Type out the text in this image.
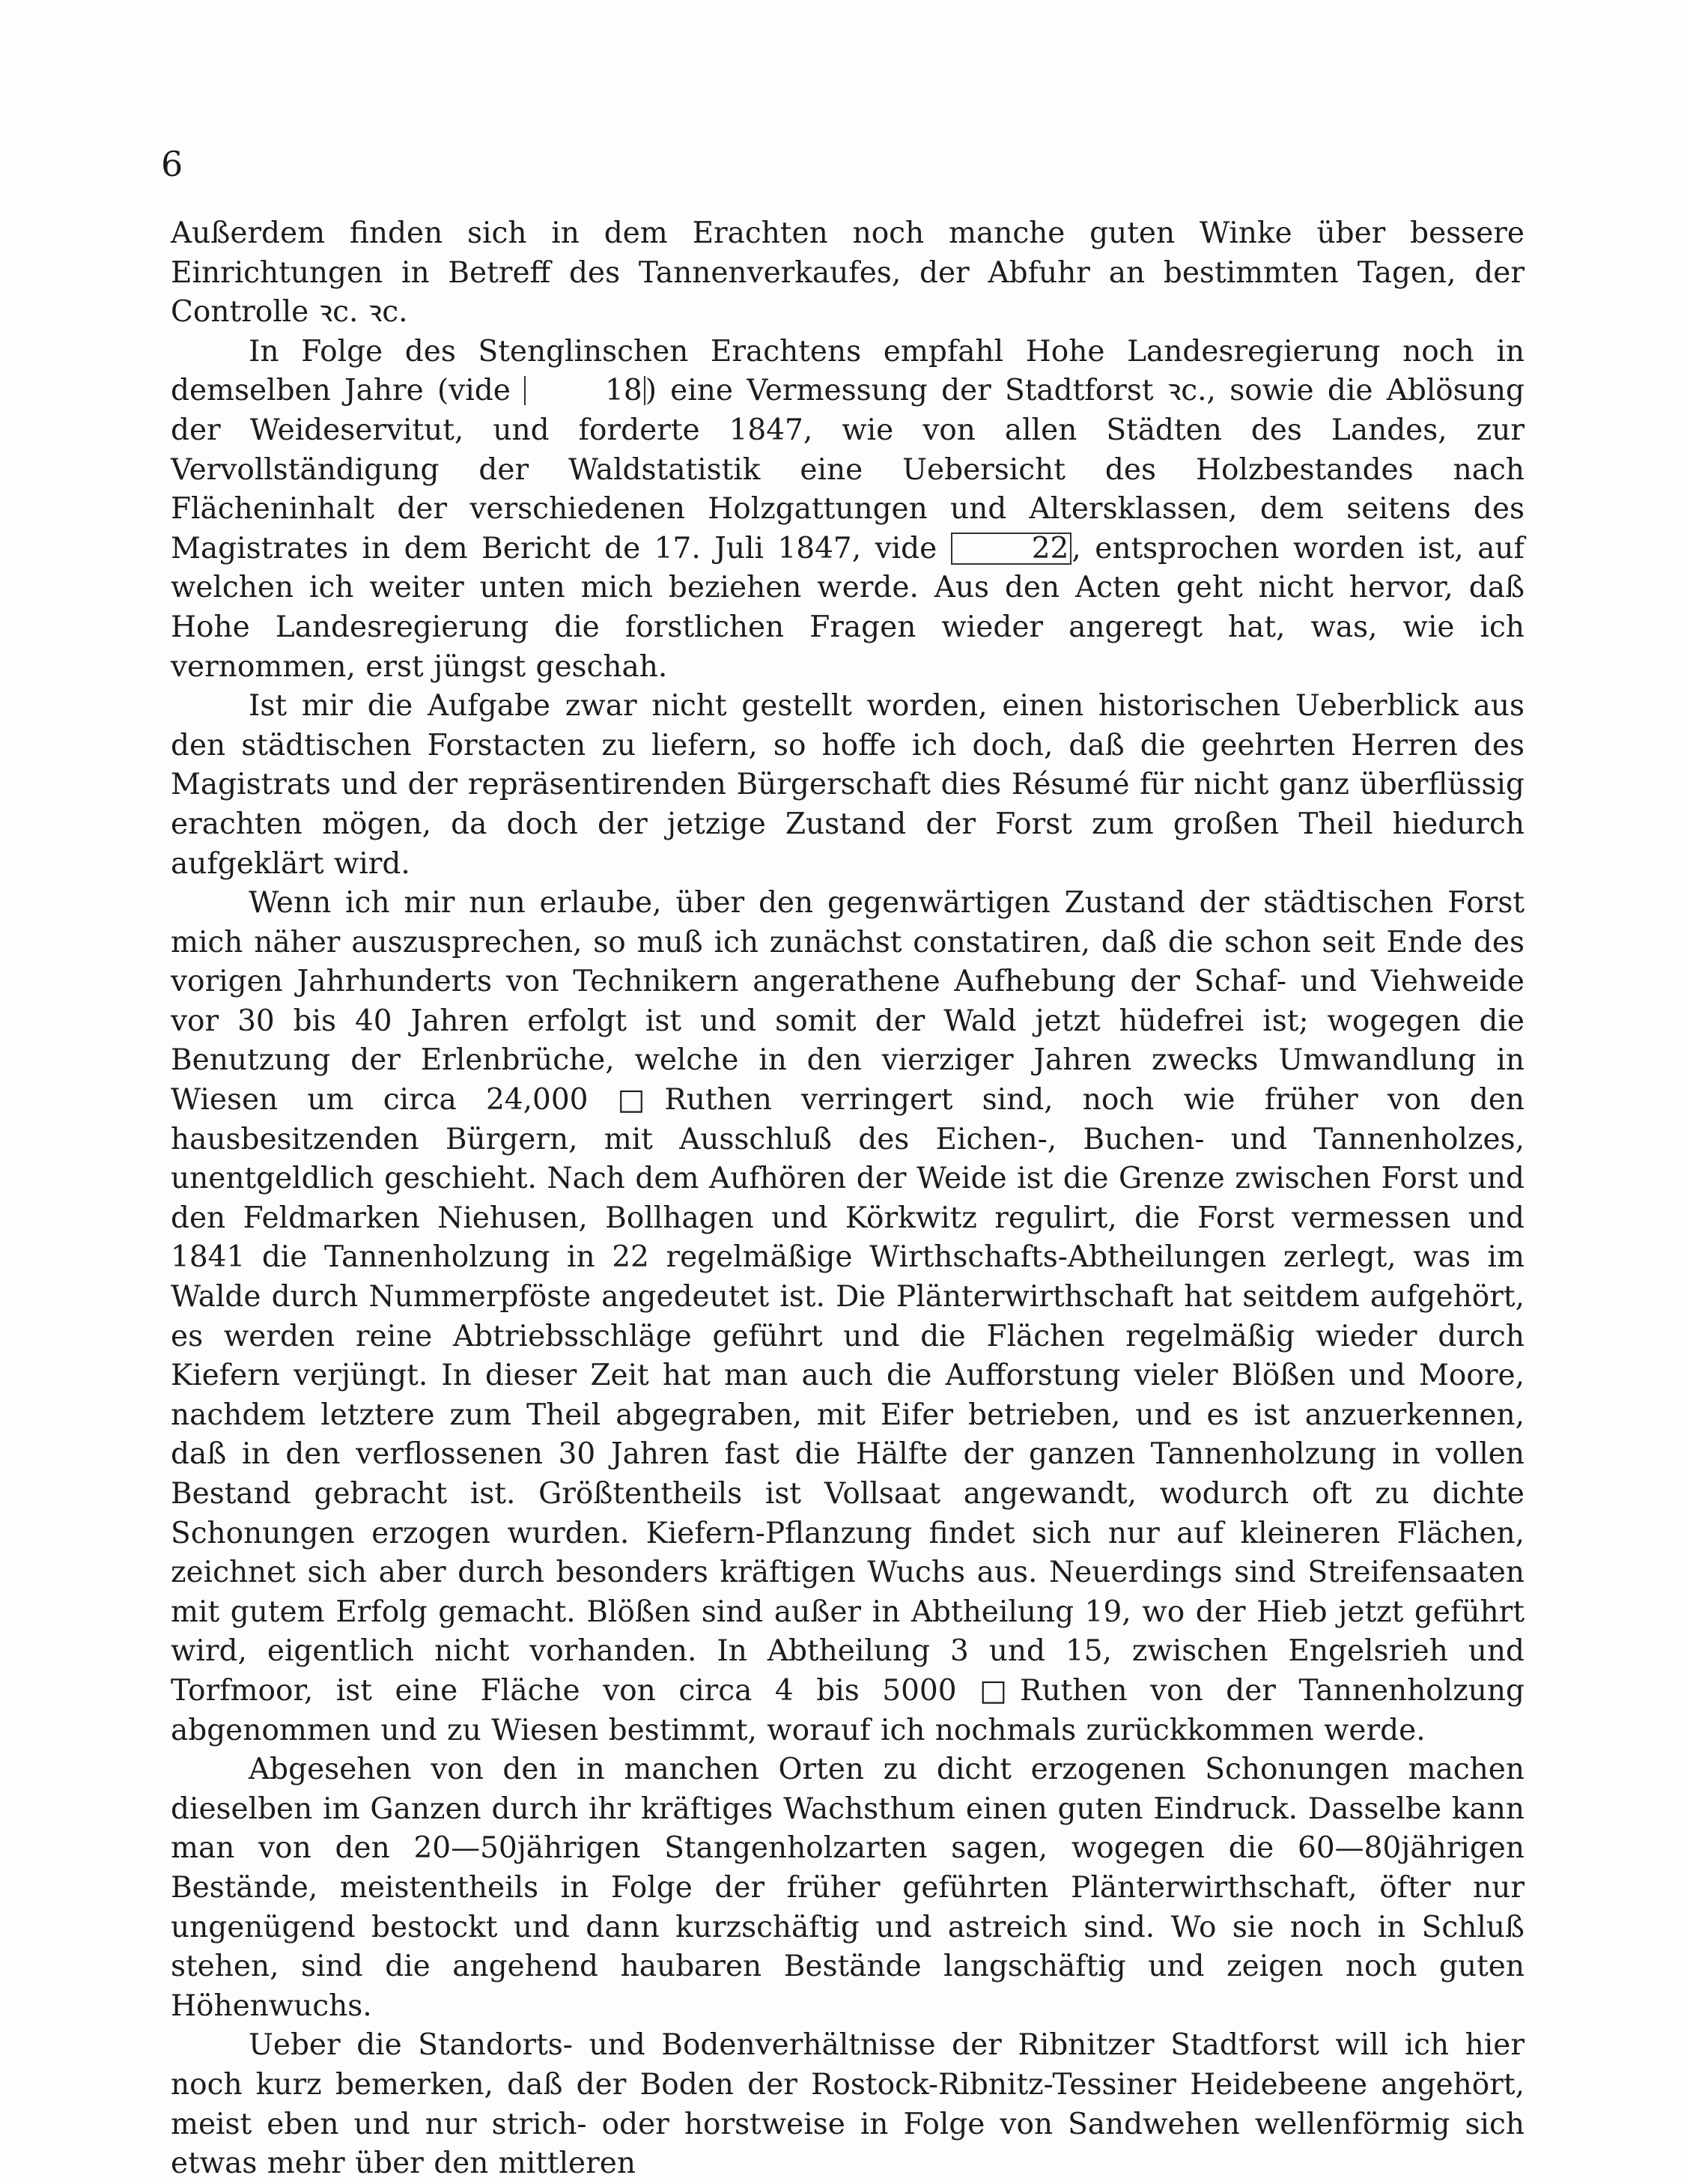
6

Außerdem finden sich in dem Erachten noch manche guten Winke über bessere Einrichtungen in Betreff des Tannenverkaufes, der Abfuhr an bestimmten Tagen, der Controlle ꝛc. ꝛc.

In Folge des Stenglinschen Erachtens empfahl Hohe Landesregierung noch in demselben Jahre (vide	18 ) eine Vermessung der Stadtforst ꝛc., sowie die Ablösung der Weideservitut, und forderte 1847, wie von allen Städten des Landes, zur Vervollständigung der Waldstatistik eine Uebersicht des Holzbestandes nach Flächeninhalt der verschiedenen Holzgattungen und Altersklassen, dem seitens des Magistrates in dem Bericht de 17. Juli 1847, vide	22 , entsprochen worden ist, auf welchen ich weiter unten mich beziehen werde. Aus den Acten geht nicht hervor, daß Hohe Landesregierung die forstlichen Fragen wieder angeregt hat, was, wie ich vernommen, erst jüngst geschah.

Ist mir die Aufgabe zwar nicht gestellt worden, einen historischen Ueberblick aus den städtischen Forstacten zu liefern, so hoffe ich doch, daß die geehrten Herren des Magistrats und der repräsentirenden Bürgerschaft dies Résumé für nicht ganz überflüssig erachten mögen, da doch der jetzige Zustand der Forst zum großen Theil hiedurch aufgeklärt wird.

Wenn ich mir nun erlaube, über den gegenwärtigen Zustand der städtischen Forst mich näher auszusprechen, so muß ich zunächst constatiren, daß die schon seit Ende des vorigen Jahrhunderts von Technikern angerathene Aufhebung der Schaf- und Viehweide vor 30 bis 40 Jahren erfolgt ist und somit der Wald jetzt hüdefrei ist; wogegen die Benutzung der Erlenbrüche, welche in den vierziger Jahren zwecks Umwandlung in Wiesen um circa 24,000 □Ruthen verringert sind, noch wie früher von den hausbesitzenden Bürgern, mit Ausschluß des Eichen-, Buchen- und Tannenholzes, unentgeldlich geschieht. Nach dem Aufhören der Weide ist die Grenze zwischen Forst und den Feldmarken Niehusen, Bollhagen und Körkwitz regulirt, die Forst vermessen und 1841 die Tannenholzung in 22 regelmäßige Wirthschafts-Abtheilungen zerlegt, was im Walde durch Nummerpföste angedeutet ist. Die Plänterwirthschaft hat seitdem aufgehört, es werden reine Abtriebsschläge geführt und die Flächen regelmäßig wieder durch Kiefern verjüngt. In dieser Zeit hat man auch die Aufforstung vieler Blößen und Moore, nachdem letztere zum Theil abgegraben, mit Eifer betrieben, und es ist anzuerkennen, daß in den verflossenen 30 Jahren fast die Hälfte der ganzen Tannenholzung in vollen Bestand gebracht ist. Größtentheils ist Vollsaat angewandt, wodurch oft zu dichte Schonungen erzogen wurden. Kiefern-Pflanzung findet sich nur auf kleineren Flächen, zeichnet sich aber durch besonders kräftigen Wuchs aus. Neuerdings sind Streifensaaten mit gutem Erfolg gemacht. Blößen sind außer in Abtheilung 19, wo der Hieb jetzt geführt wird, eigentlich nicht vorhanden. In Abtheilung 3 und 15, zwischen Engelsrieh und Torfmoor, ist eine Fläche von circa 4 bis 5000 □Ruthen von der Tannenholzung abgenommen und zu Wiesen bestimmt, worauf ich nochmals zurückkommen werde.

Abgesehen von den in manchen Orten zu dicht erzogenen Schonungen machen dieselben im Ganzen durch ihr kräftiges Wachsthum einen guten Eindruck. Dasselbe kann man von den 20—50jährigen Stangenholzarten sagen, wogegen die 60—80jährigen Bestände, meistentheils in Folge der früher geführten Plänterwirthschaft, öfter nur ungenügend bestockt und dann kurzschäftig und astreich sind. Wo sie noch in Schluß stehen, sind die angehend haubaren Bestände langschäftig und zeigen noch guten Höhenwuchs.

Ueber die Standorts- und Bodenverhältnisse der Ribnitzer Stadtforst will ich hier noch kurz bemerken, daß der Boden der Rostock-Ribnitz-Tessiner Heidebeene angehört, meist eben und nur strich- oder horstweise in Folge von Sandwehen wellenförmig sich etwas mehr über den mittleren
